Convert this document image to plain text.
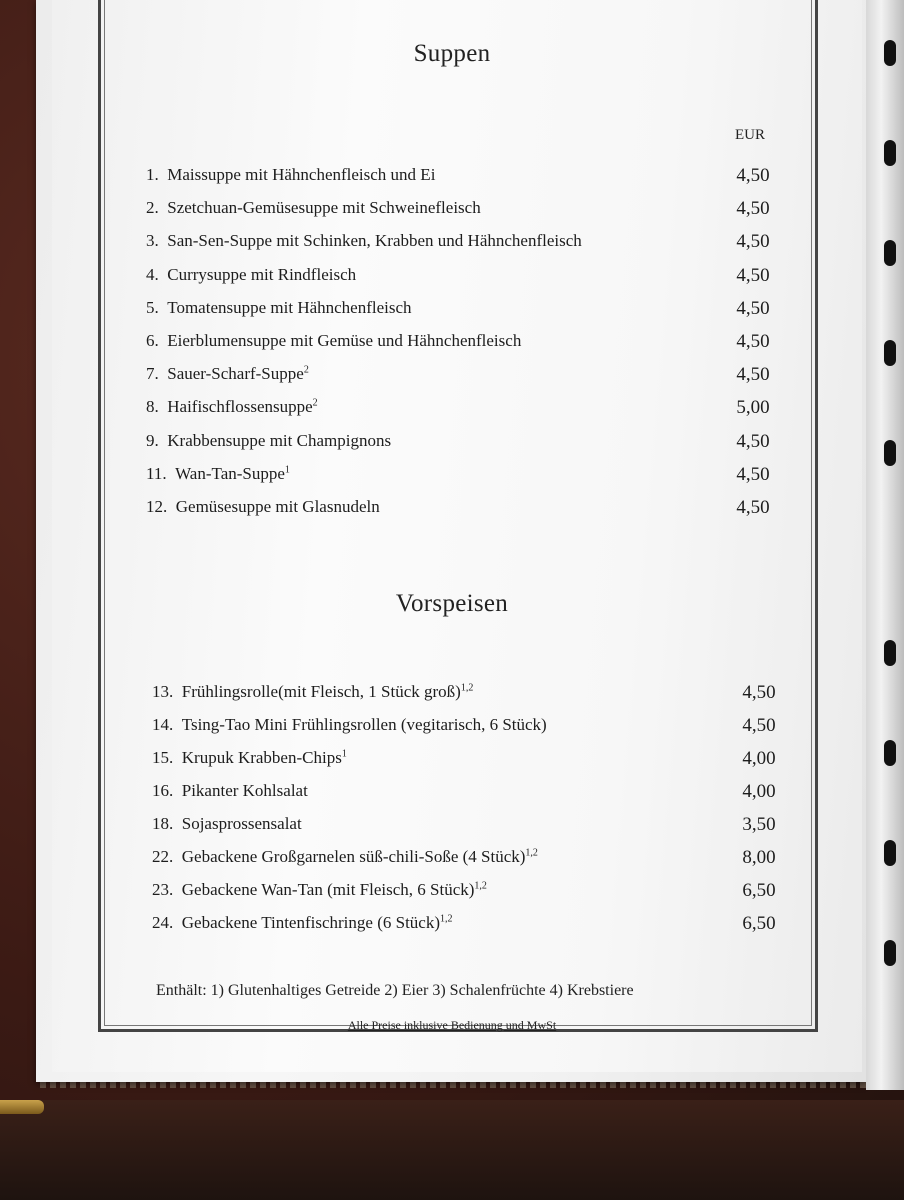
Suppen
EUR
1.  Maissuppe mit Hähnchenfleisch und Ei	4,50
2.  Szetchuan-Gemüsesuppe mit Schweinefleisch	4,50
3.  San-Sen-Suppe mit Schinken, Krabben und Hähnchenfleisch	4,50
4.  Currysuppe mit Rindfleisch	4,50
5.  Tomatensuppe mit Hähnchenfleisch	4,50
6.  Eierblumensuppe mit Gemüse und Hähnchenfleisch	4,50
7.  Sauer-Scharf-Suppe$^2$	4,50
8.  Haifischflossensuppe$^2$	5,00
9.  Krabbensuppe mit Champignons	4,50
11.  Wan-Tan-Suppe$^1$	4,50
12.  Gemüsesuppe mit Glasnudeln	4,50
Vorspeisen
13.  Frühlingsrolle(mit Fleisch, 1 Stück groß)$^{1,2}$	4,50
14.  Tsing-Tao Mini Frühlingsrollen (vegitarisch, 6 Stück)	4,50
15.  Krupuk Krabben-Chips$^1$	4,00
16.  Pikanter Kohlsalat	4,00
18.  Sojasprossensalat	3,50
22.  Gebackene Großgarnelen süß-chili-Soße (4 Stück)$^{1,2}$	8,00
23.  Gebackene Wan-Tan (mit Fleisch, 6 Stück)$^{1,2}$	6,50
24.  Gebackene Tintenfischringe (6 Stück)$^{1,2}$	6,50
Enthält: 1) Glutenhaltiges Getreide 2) Eier 3) Schalenfrüchte 4) Krebstiere
Alle Preise inklusive Bedienung und MwSt
